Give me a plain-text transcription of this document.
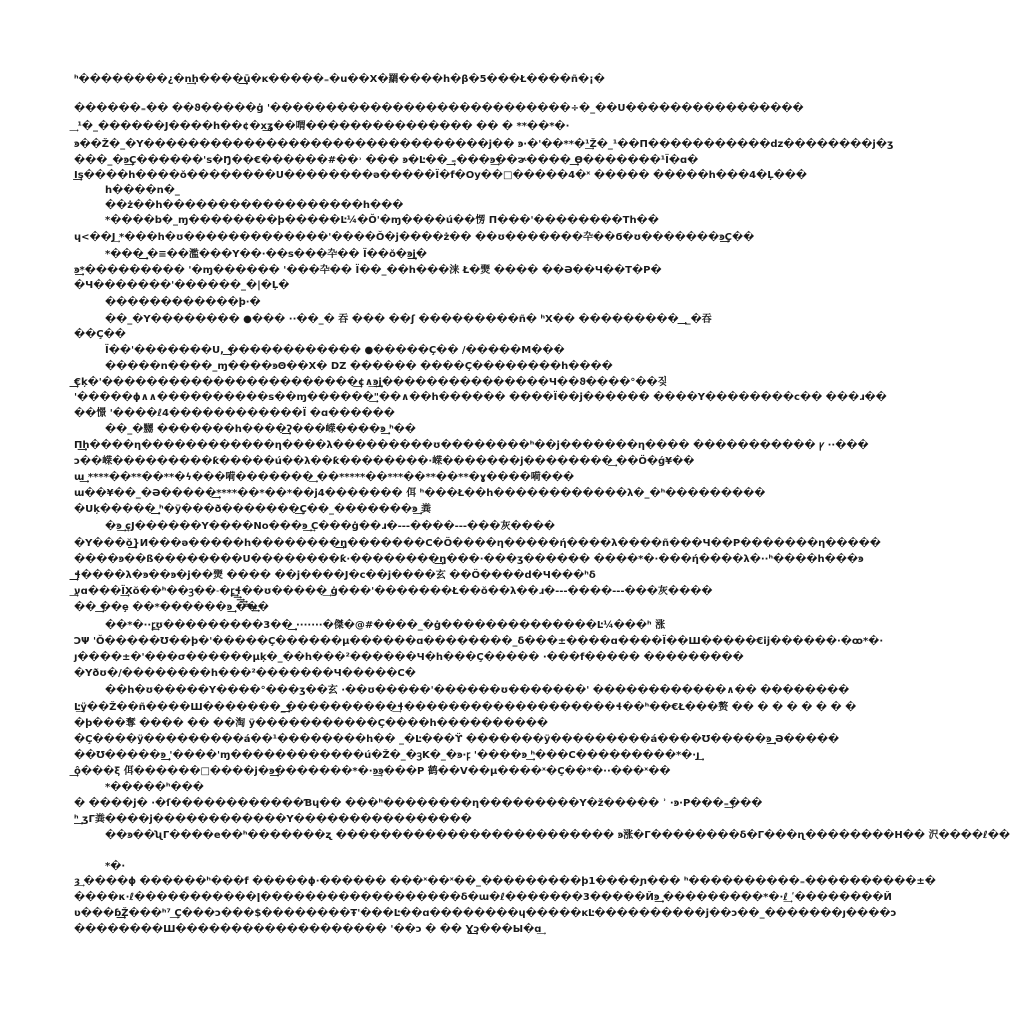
ʰ��������¿�n͢͢͢h����͢͢͢͢͢͢͢͢͢͢͢͢͢͢͢͢͢͢͢͢͢ū�ĸ�����₌�u��Χ�羂����h�β�5���Ł����ñ�¡�
������₌�� ��ϑ�����ġ '���������������������������÷�_��U����������������
͢ ¹�_������J����h��¢�x͢͢͢͢ʓ��喟��������������� �� � **��*�·
ꜿ��Ž�_�Y�������������������������������j�� ꜿ·�'��**�¹͢͢Ž�_¹��Π�����������dz��������j�ʒ
���_�ꜿ͢͢͢͢Ç������'s�Ŋ��€������#��˒ ��� ꜿ�Ŀ�� ͢͢͢͢͢͢₌���ꜿ͢͢��ɚ���� ͢͢͢͢͢͢ϴ�������¹Ϊ�ɑ�
Ι͢͢͢͢͢͢s����h����ŏ��������U��������ə�����Ϊ�f�Oy��□�����4�ˣ ����� �����h���4�Ļ���
h����n�_
��ż��h������������������h���
*����b�_ɱ��������þ�����Ŀ¼�Ŏ'�ɱ����ú��愣 Π���'��������Th��
ɥ<��J͢ *���h�ʊ�������������'����Ŏ�j����ż�� ��ʊ�������卆��ϭ�ʊ�������ꜿ͢͢͢͢͢͢Ç��
*���͢͢͢͢͢͢͢͢͢͢ �≡��濫���Y��·��s���卆�� Ϊ��ŏ�ꜿ͢͢͢͢͢͢͢͢͢͢͢j�
ꜿ͢͢͢͢*��������� '�ɱ������ '���卆�� Ϊ��_��h���涞 Ł�燛 ���� ��Ə��Ч��T�P�
�Ч�������'������_�|�Ļ�
������������ϸ·�
��_�Y�������� ●��� ··��_� 吞 ��� ��ʃ ���������ñ� ʰX�� ��������� ͢͢͢͢͢͢͢ _�吞
��Ç��
Ϊ��'�������U, ͢͢͢͢͢͢������������ ●�����Ç�� /�����M���
�����n����_ɱ����ꜿΘ��X� DZ ������ ����Ç��������h����
͢͢͢͢͢͢͢€ķ�'�����������������������͢͢͢¢∧͢ꜿ͢͢͢͢͢j���������������Ч��ϑ����°��짖
'�����ϕ∧∧����������s��ɱ������͢͢͢"��∧��h������ ����Ϊ��j������ ����Y��������ϲ�� ���ɹ��
��憬 '����ℓ4������������Ϊ �ɑ������
��_�嬲 �������h����͢͢͢͢͢͢͢͢͢ʔ���嵘����ꜿ͢͢͢͢ ʰ��
Π͢͢͢͢͢͢͢͢h����η������������η����λ���������ʊ��������ʰ��j�������η���� ����������� ꝩ ··���
ɔ��嵘���������ƙ�����ú��λ��ƙ��������·嵘�������j��������͢͢ ��Ö�ǵ¥��
ɯ͢͢͢͢ ****��**��**�ϟ���嗬�������͢͢ ��*****��***��**��**�ɣ����嗬���
ɯ��¥��_�Ə�����͢͢͢͢͢****��*��*��j4������� 佴 ʰ���Ł��h������������λ�_�ʰ���������
�Uķ�����͢͢͢͢͢͢͢͢͢ ʰ�ÿ���ð�������͢͢͢͢Ç��_�������ꜿ͢͢͢ 粪
�ꜿ͢͢ ͢ɕJ������Y����No���ꜿ͢͢ ͢C���ġ��ɹ�---����---���灰����
�Y���ŏ͢͢͢͢͢͢͢͢͢͢}И���ə�����h��������͢͢͢͢͢͢͢͢η�������C�Ö����η�����ή����λ����ñ���Ч��P�������η�����
����ꜿ��ß��������U��������ƙ·��������͢͢͢͢͢͢͢͢η���·���ʒ������ ����*�·���ή����λ�··ʰ����h���ꜿ
͢͢͢͢͢͢͢͢͢͢͢͢͢͢͢ɬ����λ�ꜿ��ꜿ�j��燛 ���� ��j����J�c��j����玄 ��Ö����d�Ч���ʰδ
ע͢͢ɑ���Ϊ͢͢͢Xŏ��ʰ��ꝫ��˗�ꝼ͢͢͢͢͢͢͢͢ɬ��ʊ�����͢ ġ���'�������Ł��ŏ��λ��ɹ�---����---���灰����
�� ͢͢͢͢��ȩ ��*������ꜿ͢͢͢͢ ���
��*�··ꝼ͢ʊ���������3��͢͢͢͢͢͢ ·······�傑�@#����_�ġ��������������Ŀ¼���ʰ 涨
ϽΨ 'Ŏ�����Ʊ��þ�'�����Ç������μ������ɑ��������_δ���±����ɑ����Ϊ��Ш�����€ij������·�ꝏ*�·
ȷ����±�'���σ������μķ�_��h���²������Ч�h���Ç����� ·���f����� ���������
�Yðʊ�/��������h���²�������Ч�����C�
��h�ʊ�����Y����°���ʒ��玄 ·��ʊ�����'������ʊ�������' ������������∧�� ��������
Ŀ͢ÿ��Ž��ñ����Ш�������_͢͢͢͢͢͢����������͢ɬ�������������������ɬ��ʰ��€Ł���赘 �� � � � � � � �
�þ���奪 ���� �� ��淘 ÿ�����������Ç����h����������
�Ç����ÿ���������á��¹��������h�� _�Ŀ���ϔ �������ÿ���������á����Ʊ�����ꜿ͢͢͢͢͢͢͢͢͢ Ə�����
��Ʊ�����ꜿ͢͢͢͢͢͢͢ '����'ɱ������������ú�Ž�_�ꝫΚ�_�ꜿ·ꝼ '����ꜿ ͢͢͢ʰ���C���������*�·ȷ͢͢͢
͢͢͢͢ô���ξ 佴������□����j�ꜿ͢͢͢͢͢�������*�·ꜿ͢͢ꜿ���P 鹤��V��μ����ˣ�Ç��*�··���ˣ��
*�����ʰ���
� ����j� ·�ſ������������Ɓɥ�� ���ʰ��������η���������Y�ž����� ʾ ·ꜿ·P���₌͢͢͢���
ʰ͢͢͢͢͢ ʒΓ粪����j������������Y����������������
��ꜿ��ʯΓ����е��ʰ�������ʐ ������������������������� ꜿ涨�Γ��������δ�Γ���ɳ��������H�� 沢����ℓ��
*�·
ȝ͢ ����ϕ ������ʰ���f �����ϕ·������ ���ˣ��ˣ��_���������þ1����ɲ��� ʰ����������₌����������±�
����κ·ℓ�����������ǀ������������������δ�ɯ�ℓ�������3�����Йꜿ͢͢͢͢ ���������*�·ℓ͢ ʹ��������Й
ʋ���ɓ͢͢͢͢͢͢͢͢͢͢͢Ž���ʰ⁷ ͢͢Ç���ɔ���$��������Ŧ'���Ŀ��ɑ��������ɥ�����ĸĿ����������j��ɔ��_�������ȷ����ɔ
��������Ш������������������� '��ɔ � �� Ɣ͢͢͢͢͢͢͢͢͢͢͢͢͢͢͢͢͢͢͢͢͢ɔ���Ы�ɑ͢
